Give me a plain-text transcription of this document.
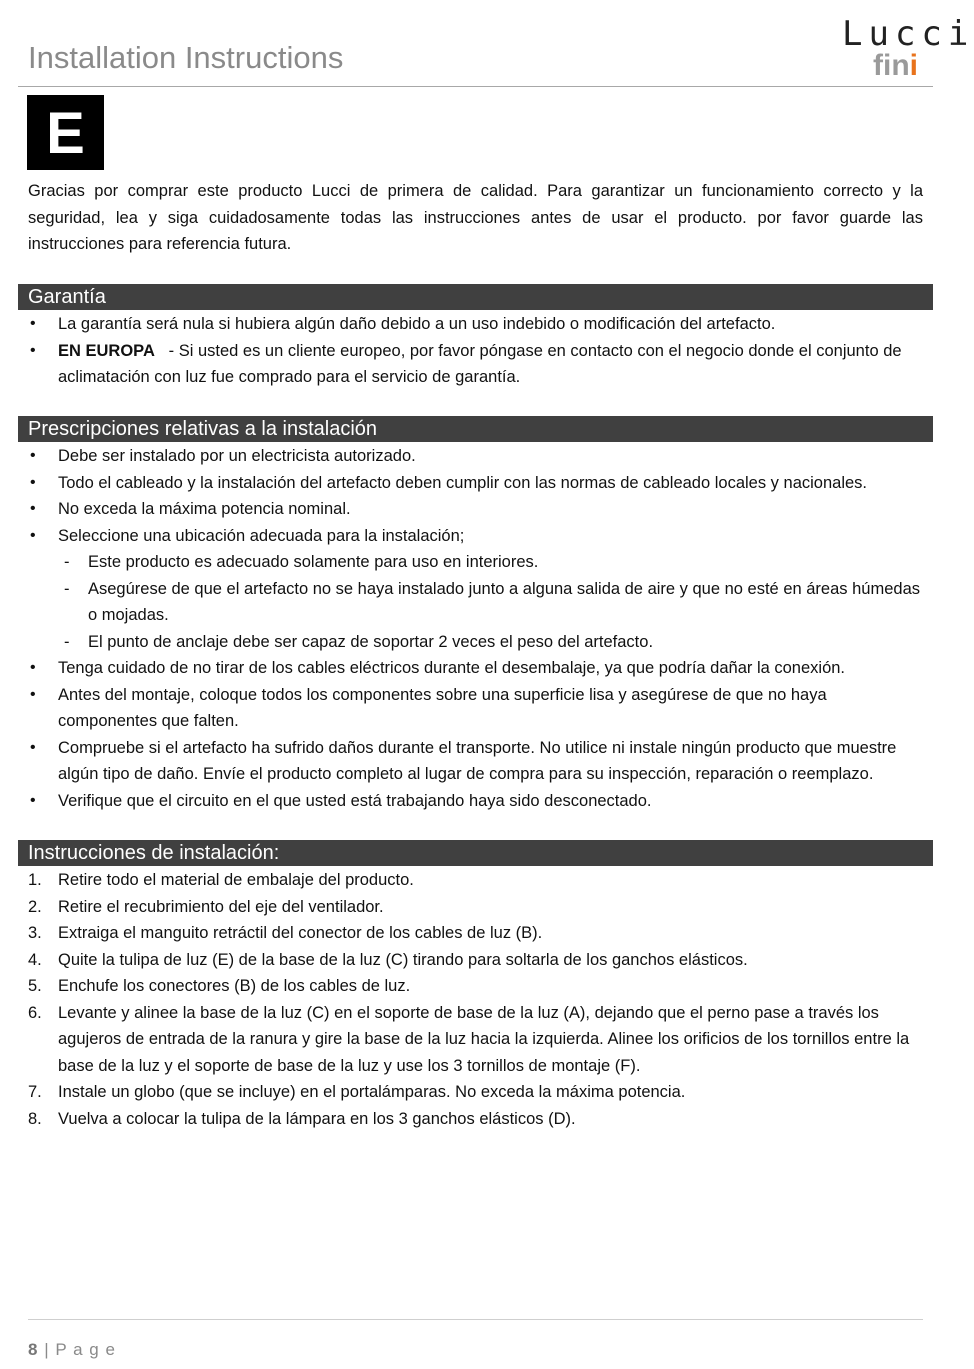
Installation Instructions
Lucci
fini
E

Gracias por comprar este producto Lucci de primera de calidad. Para garantizar un funcionamiento correcto y la seguridad, lea y siga cuidadosamente todas las instrucciones antes de usar el producto. por favor guarde las instrucciones para referencia futura.

Garantía
• La garantía será nula si hubiera algún daño debido a un uso indebido o modificación del artefacto.
• EN EUROPA   - Si usted es un cliente europeo, por favor póngase en contacto con el negocio donde el conjunto de aclimatación con luz fue comprado para el servicio de garantía.
Prescripciones relativas a la instalación
• Debe ser instalado por un electricista autorizado.
• Todo el cableado y la instalación del artefacto deben cumplir con las normas de cableado locales y nacionales.
• No exceda la máxima potencia nominal.
• Seleccione una ubicación adecuada para la instalación;
- Este producto es adecuado solamente para uso en interiores.
- Asegúrese de que el artefacto no se haya instalado junto a alguna salida de aire y que no esté en áreas húmedas o mojadas.
- El punto de anclaje debe ser capaz de soportar 2 veces el peso del artefacto.
• Tenga cuidado de no tirar de los cables eléctricos durante el desembalaje, ya que podría dañar la conexión.
• Antes del montaje, coloque todos los componentes sobre una superficie lisa y asegúrese de que no haya componentes que falten.
• Compruebe si el artefacto ha sufrido daños durante el transporte. No utilice ni instale ningún producto que muestre algún tipo de daño. Envíe el producto completo al lugar de compra para su inspección, reparación o reemplazo.
• Verifique que el circuito en el que usted está trabajando haya sido desconectado.
Instrucciones de instalación:
1. Retire todo el material de embalaje del producto.
2. Retire el recubrimiento del eje del ventilador.
3. Extraiga el manguito retráctil del conector de los cables de luz (B).
4. Quite la tulipa de luz (E) de la base de la luz (C) tirando para soltarla de los ganchos elásticos.
5. Enchufe los conectores (B) de los cables de luz.
6. Levante y alinee la base de la luz (C) en el soporte de base de la luz (A), dejando que el perno pase a través los agujeros de entrada de la ranura y gire la base de la luz hacia la izquierda. Alinee los orificios de los tornillos entre la base de la luz y el soporte de base de la luz y use los 3 tornillos de montaje (F).
7. Instale un globo (que se incluye) en el portalámparas. No exceda la máxima potencia.
8. Vuelva a colocar la tulipa de la lámpara en los 3 ganchos elásticos (D).
8 | P a g e
